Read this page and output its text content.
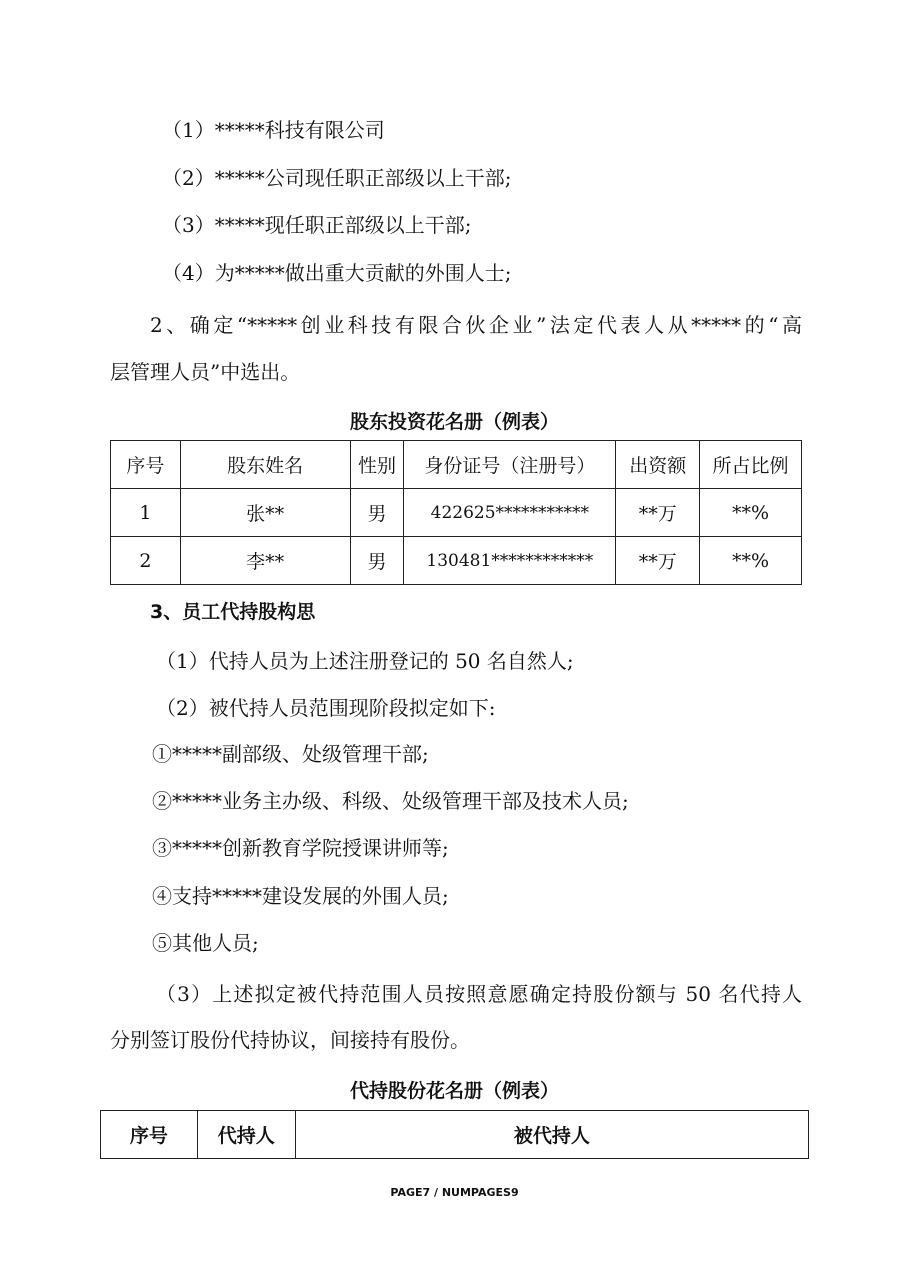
（1）*****科技有限公司
（2）*****公司现任职正部级以上干部;
（3）*****现任职正部级以上干部;
（4）为*****做出重大贡献的外围人士;
2、确定“*****创业科技有限合伙企业”法定代表人从*****的“高
层管理人员”中选出。
股东投资花名册（例表）
序号	股东姓名	性别	身份证号（注册号）	出资额	所占比例
1	张**	男	422625***********	**万	**%
2	李**	男	130481************	**万	**%
3、员工代持股构思
（1）代持人员为上述注册登记的 50 名自然人;
（2）被代持人员范围现阶段拟定如下:
①*****副部级、处级管理干部;
②*****业务主办级、科级、处级管理干部及技术人员;
③*****创新教育学院授课讲师等;
④支持*****建设发展的外围人员;
⑤其他人员;
（3）上述拟定被代持范围人员按照意愿确定持股份额与 50 名代持人
分别签订股份代持协议，间接持有股份。
代持股份花名册（例表）
序号	代持人	被代持人
PAGE7 / NUMPAGES9
